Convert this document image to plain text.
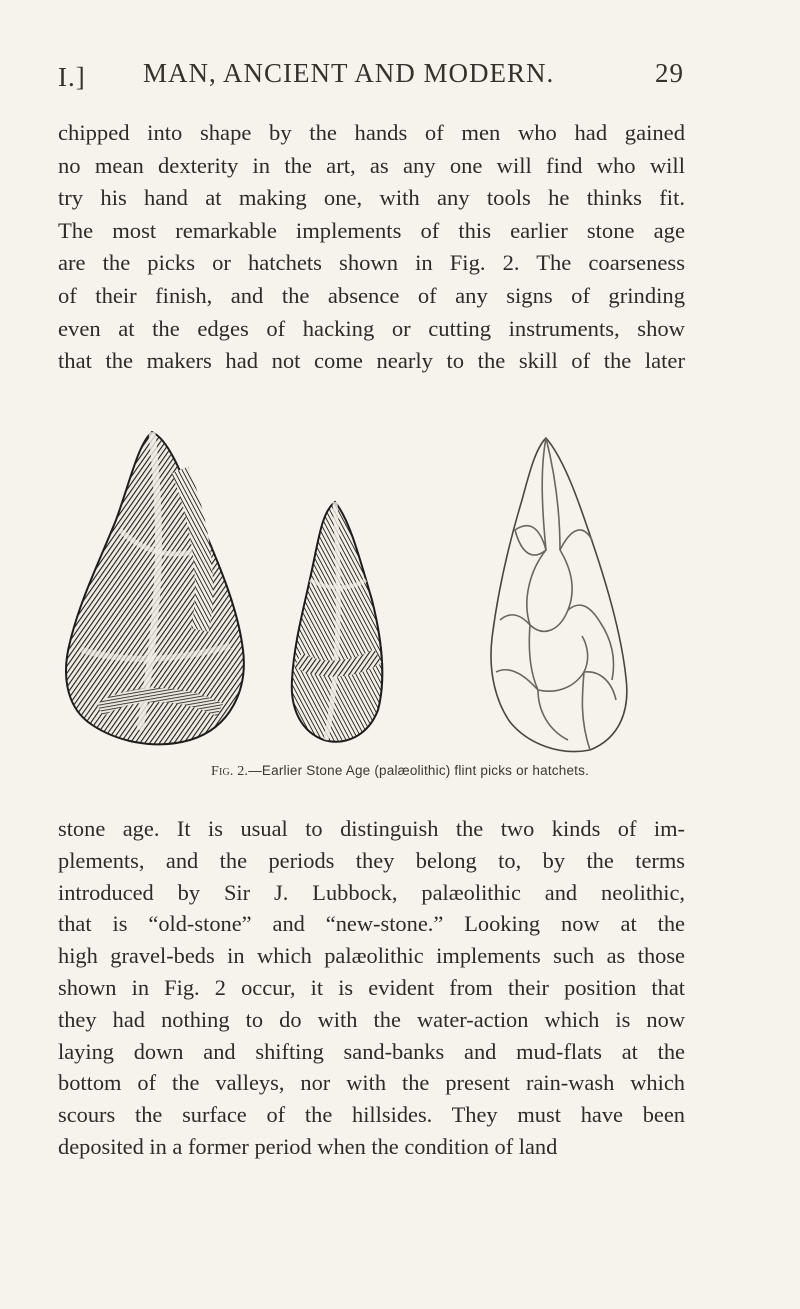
I.] MAN, ANCIENT AND MODERN.	29

chipped into shape by the hands of men who had gained
no mean dexterity in the art, as any one will find who will
try his hand at making one, with any tools he thinks fit.
The most remarkable implements of this earlier stone age
are the picks or hatchets shown in Fig. 2. The coarseness
of their finish, and the absence of any signs of grinding
even at the edges of hacking or cutting instruments, show
that the makers had not come nearly to the skill of the later

Fig. 2.—Earlier Stone Age (palæolithic) flint picks or hatchets.

stone age. It is usual to distinguish the two kinds of im-
plements, and the periods they belong to, by the terms
introduced by Sir J. Lubbock, palæolithic and neolithic,
that is “old-stone” and “new-stone.” Looking now at the
high gravel-beds in which palæolithic implements such as those
shown in Fig. 2 occur, it is evident from their position that
they had nothing to do with the water-action which is now
laying down and shifting sand-banks and mud-flats at the
bottom of the valleys, nor with the present rain-wash which
scours the surface of the hillsides. They must have been
deposited in a former period when the condition of land
